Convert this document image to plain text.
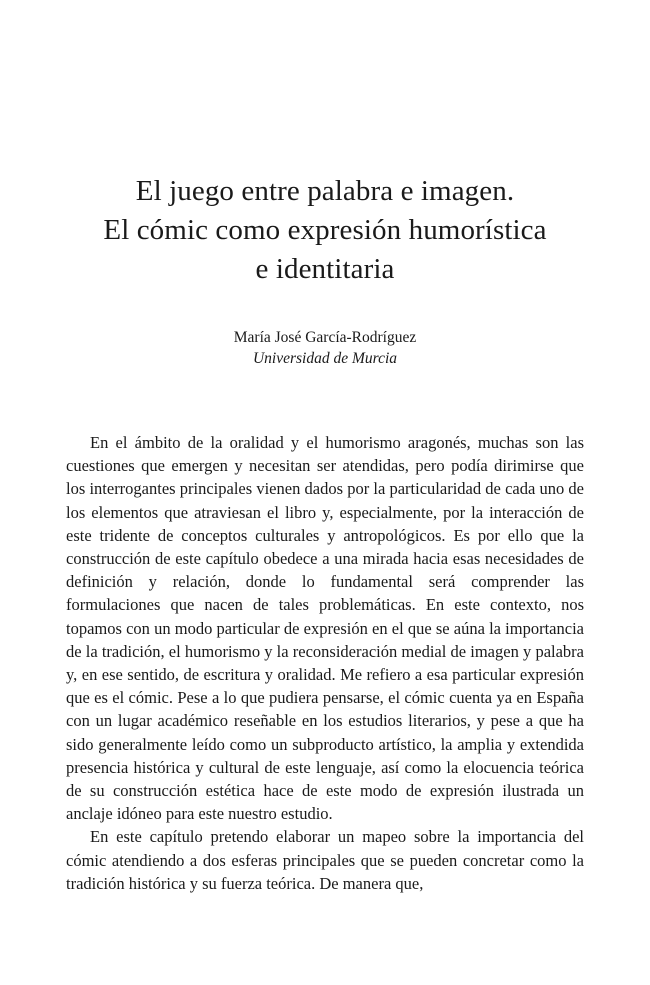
El juego entre palabra e imagen.
El cómic como expresión humorística
e identitaria
María José García-Rodríguez
Universidad de Murcia

En el ámbito de la oralidad y el humorismo aragonés, muchas son las cuestiones que emergen y necesitan ser atendidas, pero podía dirimirse que los interrogantes principales vienen dados por la particularidad de cada uno de los elementos que atraviesan el libro y, especialmente, por la interacción de este tridente de conceptos culturales y antropológicos. Es por ello que la construcción de este capítulo obedece a una mirada hacia esas necesidades de definición y relación, donde lo fundamental será comprender las formulaciones que nacen de tales problemáticas. En este contexto, nos topamos con un modo particular de expresión en el que se aúna la importancia de la tradición, el humorismo y la reconsideración medial de imagen y palabra y, en ese sentido, de escritura y oralidad. Me refiero a esa particular expresión que es el cómic. Pese a lo que pudiera pensarse, el cómic cuenta ya en España con un lugar académico reseñable en los estudios literarios, y pese a que ha sido generalmente leído como un subproducto artístico, la amplia y extendida presencia histórica y cultural de este lenguaje, así como la elocuencia teórica de su construcción estética hace de este modo de expresión ilustrada un anclaje idóneo para este nuestro estudio.

En este capítulo pretendo elaborar un mapeo sobre la importancia del cómic atendiendo a dos esferas principales que se pueden concretar como la tradición histórica y su fuerza teórica. De manera que,
